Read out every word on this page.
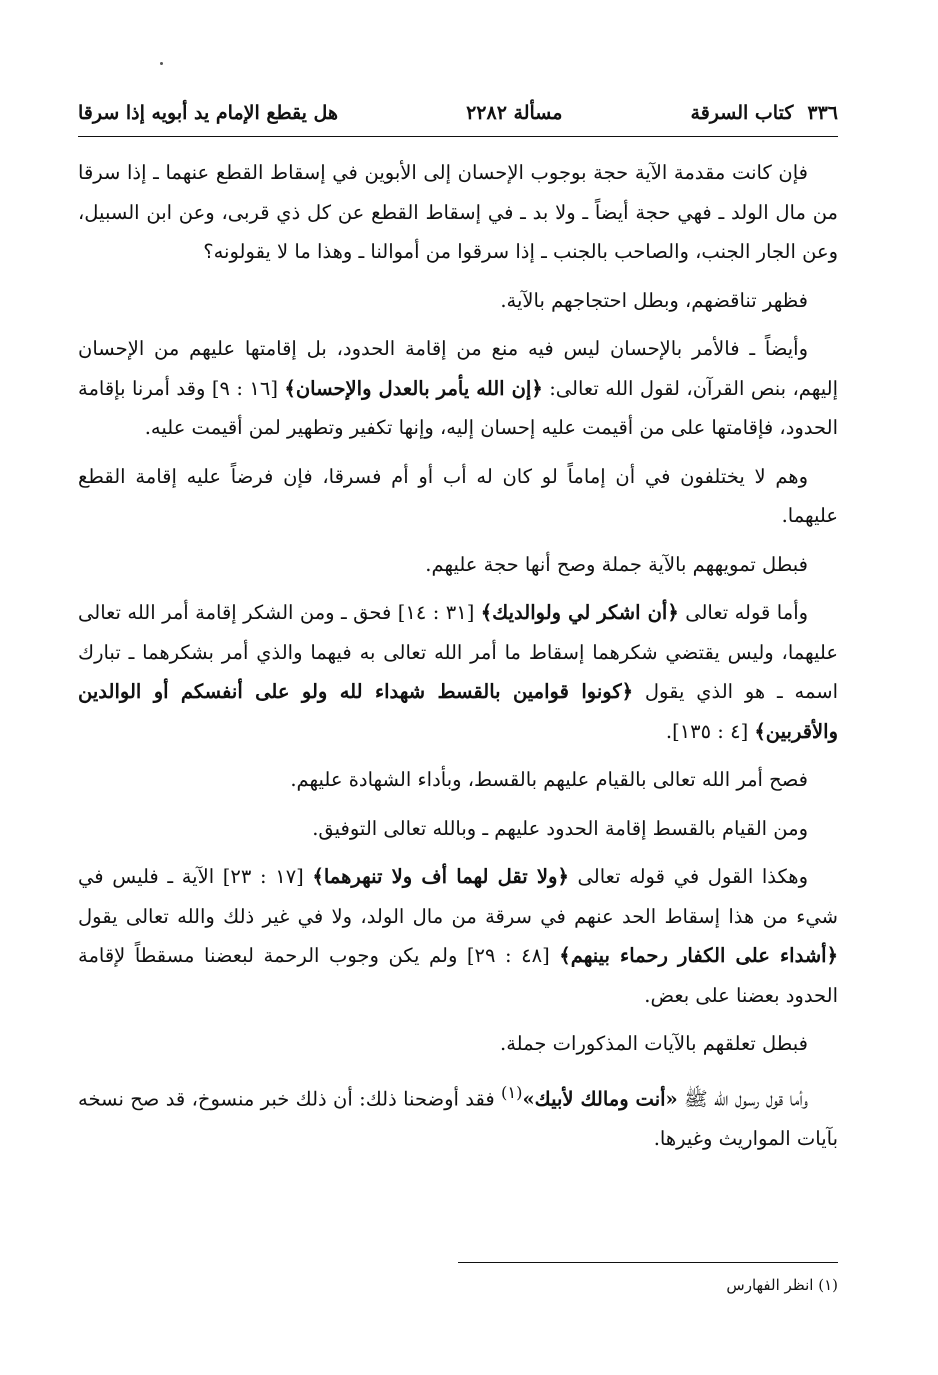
٣٣٦
كتاب السرقة
مسألة ٢٢٨٢
هل يقطع الإمام يد أبويه إذا سرقا

فإن كانت مقدمة الآية حجة بوجوب الإحسان إلى الأبوين في إسقاط القطع عنهما ـ إذا سرقا من مال الولد ـ فهي حجة أيضاً ـ ولا بد ـ في إسقاط القطع عن كل ذي قربى، وعن ابن السبيل، وعن الجار الجنب، والصاحب بالجنب ـ إذا سرقوا من أموالنا ـ وهذا ما لا يقولونه؟

فظهر تناقضهم، وبطل احتجاجهم بالآية.

وأيضاً ـ فالأمر بالإحسان ليس فيه منع من إقامة الحدود، بل إقامتها عليهم من الإحسان إليهم، بنص القرآن، لقول الله تعالى: ﴿إن الله يأمر بالعدل والإحسان﴾ [١٦ : ٩] وقد أمرنا بإقامة الحدود، فإقامتها على من أقيمت عليه إحسان إليه، وإنها تكفير وتطهير لمن أقيمت عليه.

وهم لا يختلفون في أن إماماً لو كان له أب أو أم فسرقا، فإن فرضاً عليه إقامة القطع عليهما.

فبطل تمويههم بالآية جملة وصح أنها حجة عليهم.

وأما قوله تعالى ﴿أن اشكر لي ولوالديك﴾ [٣١ : ١٤] فحق ـ ومن الشكر إقامة أمر الله تعالى عليهما، وليس يقتضي شكرهما إسقاط ما أمر الله تعالى به فيهما والذي أمر بشكرهما ـ تبارك اسمه ـ هو الذي يقول ﴿كونوا قوامين بالقسط شهداء لله ولو على أنفسكم أو الوالدين والأقربين﴾ [٤ : ١٣٥].

فصح أمر الله تعالى بالقيام عليهم بالقسط، وبأداء الشهادة عليهم.

ومن القيام بالقسط إقامة الحدود عليهم ـ وبالله تعالى التوفيق.

وهكذا القول في قوله تعالى ﴿ولا تقل لهما أف ولا تنهرهما﴾ [١٧ : ٢٣] الآية ـ فليس في شيء من هذا إسقاط الحد عنهم في سرقة من مال الولد، ولا في غير ذلك والله تعالى يقول ﴿أشداء على الكفار رحماء بينهم﴾ [٤٨ : ٢٩] ولم يكن وجوب الرحمة لبعضنا مسقطاً لإقامة الحدود بعضنا على بعض.

فبطل تعلقهم بالآيات المذكورات جملة.

وأما قول رسول الله ﷺ «أنت ومالك لأبيك»$^{(١)}$ فقد أوضحنا ذلك: أن ذلك خبر منسوخ، قد صح نسخه بآيات المواريث وغيرها.

(١) انظر الفهارس
